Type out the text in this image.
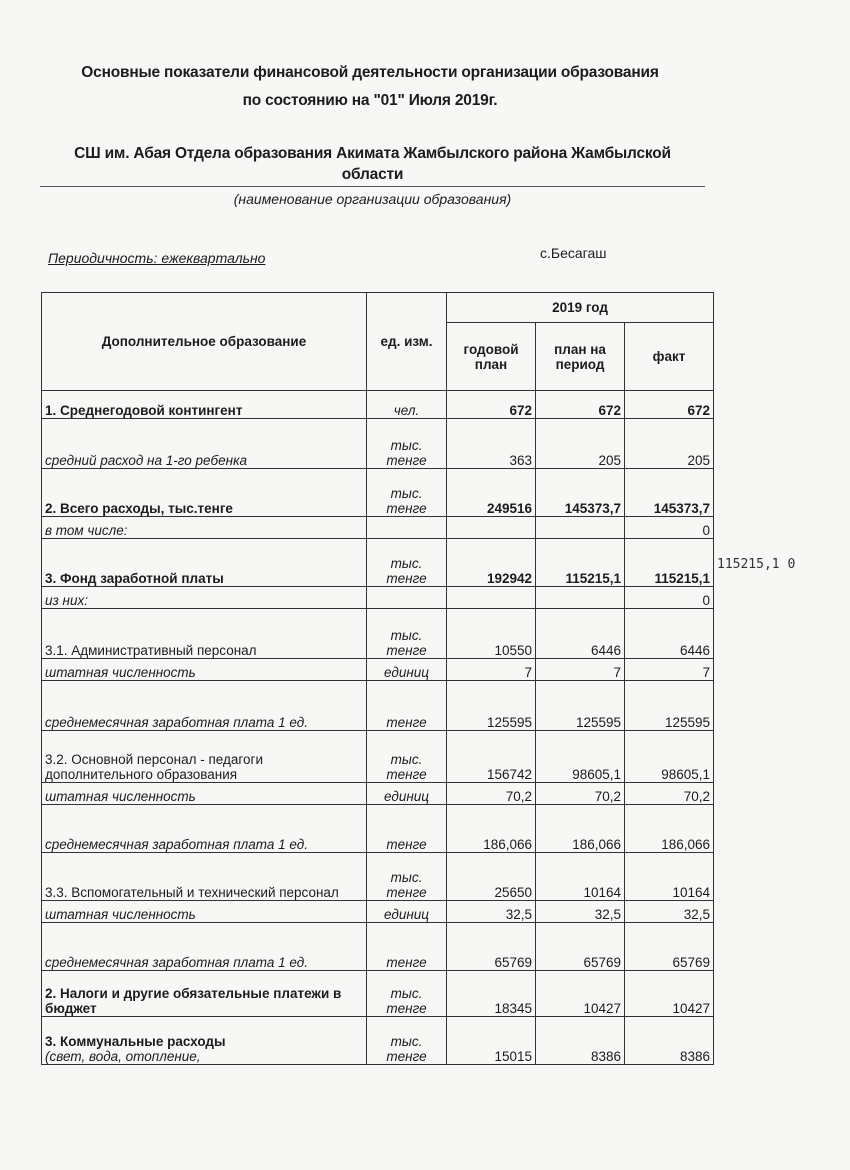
Основные показатели финансовой деятельности организации образования
по состоянию на "01" Июля 2019г.
СШ им. Абая Отдела образования Акимата Жамбылского района Жамбылской
области
(наименование организации образования)
Периодичность: ежеквартально	с.Бесагаш
Дополнительное образование	ед. изм.	2019 год		
		годовой план	план на период	факт
1. Среднегодовой контингент	чел.	672	672	672
средний расход на 1-го ребенка	тыс. тенге	363	205	205
2. Всего расходы, тыс.тенге	тыс. тенге	249516	145373,7	145373,7
в том числе:				0
3. Фонд заработной платы	тыс. тенге	192942	115215,1	115215,1
из них:				0
3.1. Административный персонал	тыс. тенге	10550	6446	6446
штатная численность	единиц	7	7	7
среднемесячная заработная плата 1 ед.	тенге	125595	125595	125595
3.2. Основной персонал - педагоги дополнительного образования	тыс. тенге	156742	98605,1	98605,1
штатная численность	единиц	70,2	70,2	70,2
среднемесячная заработная плата 1 ед.	тенге	186,066	186,066	186,066
3.3. Вспомогательный и технический персонал	тыс. тенге	25650	10164	10164
штатная численность	единиц	32,5	32,5	32,5
среднемесячная заработная плата 1 ед.	тенге	65769	65769	65769
2. Налоги и другие обязательные платежи в бюджет	тыс. тенге	18345	10427	10427

3. Коммунальные расходы
(свет, вода, отопление,	тыс. тенге	15015	8386	8386
115215,1 0
